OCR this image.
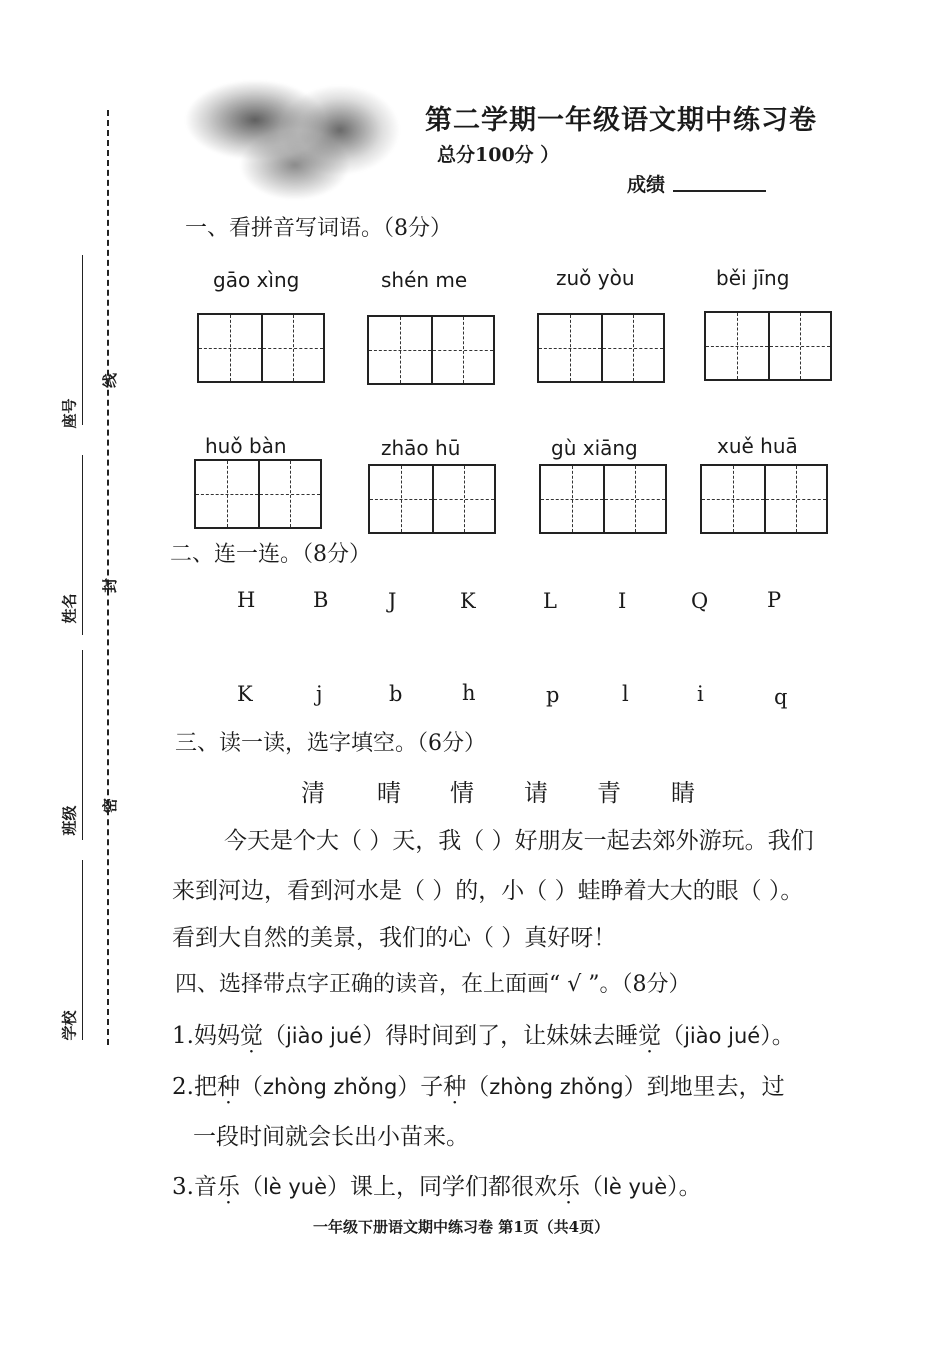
第二学期一年级语文期中练习卷
总分100分 ）
成绩
线
封
密
座号
姓名
班级
学校
一、看拼音写词语。（8分）
gāo xìng	shén me	zuǒ yòu	běi jīng
huǒ bàn	zhāo hū	gù xiāng	xuě huā
二、连一连。（8分）
H	B	J	K	L	I	Q	P
K	j	b	h	p	l	i	q
三、读一读，选字填空。（6分）
清 晴 情 请 青 睛
今天是个大（ ）天，我（ ）好朋友一起去郊外游玩。我们
来到河边，看到河水是（ ）的，小（ ）蛙睁着大大的眼（ ）。
看到大自然的美景，我们的心（ ）真好呀！
四、选择带点字正确的读音，在上面画“ √ ”。（8分）
1.妈妈觉（jiào jué）得时间到了，让妹妹去睡觉（jiào jué）。
2.把种（zhòng zhǒng）子种（zhòng zhǒng）到地里去，过
一段时间就会长出小苗来。
3.音乐（lè yuè）课上，同学们都很欢乐（lè yuè）。
一年级下册语文期中练习卷 第1页（共4页）
